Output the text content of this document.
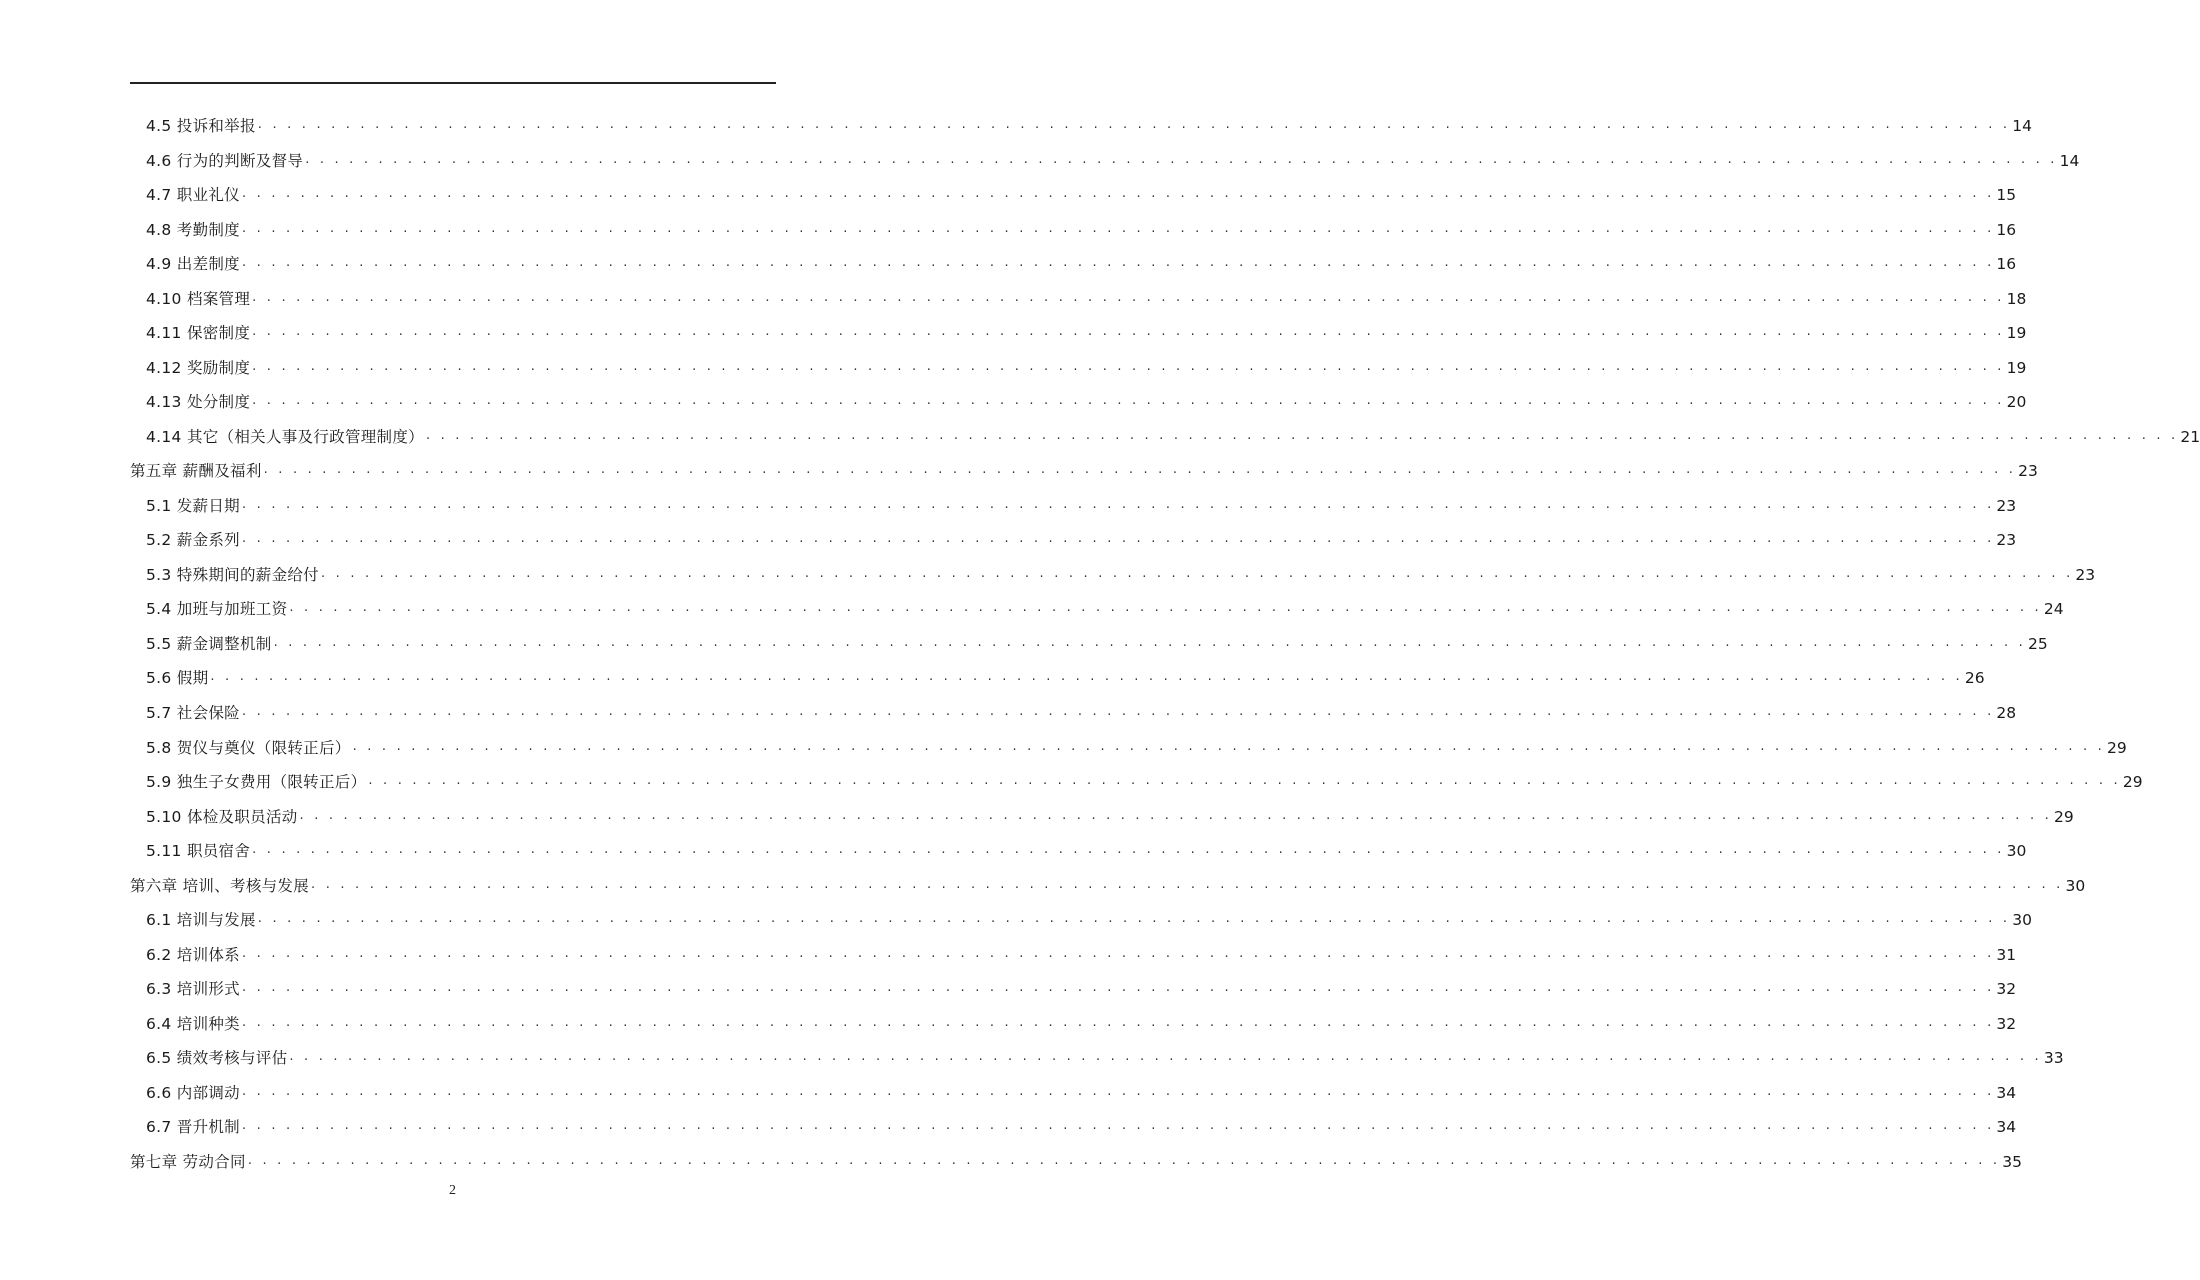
4.5 投诉和举报 . . . . . . . . . . . . . . . . . . . . . . . . . . . . . . . . . . . . . . . . . . . . . . . . . . . . . . . . . . . . . . . . . . . . . . . . . . . . . . . . . . . . . . . . . . . . . . . . . . . . . . . . . . . . . . . . . . . . . . . . 14
4.6 行为的判断及督导 . . . . . . . . . . . . . . . . . . . . . . . . . . . . . . . . . . . . . . . . . . . . . . . . . . . . . . . . . . . . . . . . . . . . . . . . . . . . . . . . . . . . . . . . . . . . . . . . . . . . . . . . . . . . . . . . . . . . . . . . 14
4.7 职业礼仪 . . . . . . . . . . . . . . . . . . . . . . . . . . . . . . . . . . . . . . . . . . . . . . . . . . . . . . . . . . . . . . . . . . . . . . . . . . . . . . . . . . . . . . . . . . . . . . . . . . . . . . . . . . . . . . . . . . . . . . . . 15
4.8 考勤制度 . . . . . . . . . . . . . . . . . . . . . . . . . . . . . . . . . . . . . . . . . . . . . . . . . . . . . . . . . . . . . . . . . . . . . . . . . . . . . . . . . . . . . . . . . . . . . . . . . . . . . . . . . . . . . . . . . . . . . . . . 16
4.9 出差制度 . . . . . . . . . . . . . . . . . . . . . . . . . . . . . . . . . . . . . . . . . . . . . . . . . . . . . . . . . . . . . . . . . . . . . . . . . . . . . . . . . . . . . . . . . . . . . . . . . . . . . . . . . . . . . . . . . . . . . . . . 16
4.10 档案管理 . . . . . . . . . . . . . . . . . . . . . . . . . . . . . . . . . . . . . . . . . . . . . . . . . . . . . . . . . . . . . . . . . . . . . . . . . . . . . . . . . . . . . . . . . . . . . . . . . . . . . . . . . . . . . . . . . . . . . . . . 18
4.11 保密制度 . . . . . . . . . . . . . . . . . . . . . . . . . . . . . . . . . . . . . . . . . . . . . . . . . . . . . . . . . . . . . . . . . . . . . . . . . . . . . . . . . . . . . . . . . . . . . . . . . . . . . . . . . . . . . . . . . . . . . . . . 19
4.12 奖励制度 . . . . . . . . . . . . . . . . . . . . . . . . . . . . . . . . . . . . . . . . . . . . . . . . . . . . . . . . . . . . . . . . . . . . . . . . . . . . . . . . . . . . . . . . . . . . . . . . . . . . . . . . . . . . . . . . . . . . . . . . 19
4.13 处分制度 . . . . . . . . . . . . . . . . . . . . . . . . . . . . . . . . . . . . . . . . . . . . . . . . . . . . . . . . . . . . . . . . . . . . . . . . . . . . . . . . . . . . . . . . . . . . . . . . . . . . . . . . . . . . . . . . . . . . . . . . 20
4.14 其它（相关人事及行政管理制度） . . . . . . . . . . . . . . . . . . . . . . . . . . . . . . . . . . . . . . . . . . . . . . . . . . . . . . . . . . . . . . . . . . . . . . . . . . . . . . . . . . . . . . . . . . . . . . . . . . . . . . . . . . . . . . . . . . . . . . . . 21
第五章 薪酬及福利 . . . . . . . . . . . . . . . . . . . . . . . . . . . . . . . . . . . . . . . . . . . . . . . . . . . . . . . . . . . . . . . . . . . . . . . . . . . . . . . . . . . . . . . . . . . . . . . . . . . . . . . . . . . . . . . . . . . . . . . . 23
5.1 发薪日期 . . . . . . . . . . . . . . . . . . . . . . . . . . . . . . . . . . . . . . . . . . . . . . . . . . . . . . . . . . . . . . . . . . . . . . . . . . . . . . . . . . . . . . . . . . . . . . . . . . . . . . . . . . . . . . . . . . . . . . . . 23
5.2 薪金系列 . . . . . . . . . . . . . . . . . . . . . . . . . . . . . . . . . . . . . . . . . . . . . . . . . . . . . . . . . . . . . . . . . . . . . . . . . . . . . . . . . . . . . . . . . . . . . . . . . . . . . . . . . . . . . . . . . . . . . . . . 23
5.3 特殊期间的薪金给付 . . . . . . . . . . . . . . . . . . . . . . . . . . . . . . . . . . . . . . . . . . . . . . . . . . . . . . . . . . . . . . . . . . . . . . . . . . . . . . . . . . . . . . . . . . . . . . . . . . . . . . . . . . . . . . . . . . . . . . . . 23
5.4 加班与加班工资 . . . . . . . . . . . . . . . . . . . . . . . . . . . . . . . . . . . . . . . . . . . . . . . . . . . . . . . . . . . . . . . . . . . . . . . . . . . . . . . . . . . . . . . . . . . . . . . . . . . . . . . . . . . . . . . . . . . . . . . . 24
5.5 薪金调整机制 . . . . . . . . . . . . . . . . . . . . . . . . . . . . . . . . . . . . . . . . . . . . . . . . . . . . . . . . . . . . . . . . . . . . . . . . . . . . . . . . . . . . . . . . . . . . . . . . . . . . . . . . . . . . . . . . . . . . . . . . 25
5.6 假期 . . . . . . . . . . . . . . . . . . . . . . . . . . . . . . . . . . . . . . . . . . . . . . . . . . . . . . . . . . . . . . . . . . . . . . . . . . . . . . . . . . . . . . . . . . . . . . . . . . . . . . . . . . . . . . . . . . . . . . . . 26
5.7 社会保险 . . . . . . . . . . . . . . . . . . . . . . . . . . . . . . . . . . . . . . . . . . . . . . . . . . . . . . . . . . . . . . . . . . . . . . . . . . . . . . . . . . . . . . . . . . . . . . . . . . . . . . . . . . . . . . . . . . . . . . . . 28
5.8 贺仪与奠仪（限转正后） . . . . . . . . . . . . . . . . . . . . . . . . . . . . . . . . . . . . . . . . . . . . . . . . . . . . . . . . . . . . . . . . . . . . . . . . . . . . . . . . . . . . . . . . . . . . . . . . . . . . . . . . . . . . . . . . . . . . . . . . 29
5.9 独生子女费用（限转正后） . . . . . . . . . . . . . . . . . . . . . . . . . . . . . . . . . . . . . . . . . . . . . . . . . . . . . . . . . . . . . . . . . . . . . . . . . . . . . . . . . . . . . . . . . . . . . . . . . . . . . . . . . . . . . . . . . . . . . . . . 29
5.10 体检及职员活动 . . . . . . . . . . . . . . . . . . . . . . . . . . . . . . . . . . . . . . . . . . . . . . . . . . . . . . . . . . . . . . . . . . . . . . . . . . . . . . . . . . . . . . . . . . . . . . . . . . . . . . . . . . . . . . . . . . . . . . . . 29
5.11 职员宿舍 . . . . . . . . . . . . . . . . . . . . . . . . . . . . . . . . . . . . . . . . . . . . . . . . . . . . . . . . . . . . . . . . . . . . . . . . . . . . . . . . . . . . . . . . . . . . . . . . . . . . . . . . . . . . . . . . . . . . . . . . 30
第六章 培训、考核与发展 . . . . . . . . . . . . . . . . . . . . . . . . . . . . . . . . . . . . . . . . . . . . . . . . . . . . . . . . . . . . . . . . . . . . . . . . . . . . . . . . . . . . . . . . . . . . . . . . . . . . . . . . . . . . . . . . . . . . . . . . 30
6.1 培训与发展 . . . . . . . . . . . . . . . . . . . . . . . . . . . . . . . . . . . . . . . . . . . . . . . . . . . . . . . . . . . . . . . . . . . . . . . . . . . . . . . . . . . . . . . . . . . . . . . . . . . . . . . . . . . . . . . . . . . . . . . . 30
6.2 培训体系 . . . . . . . . . . . . . . . . . . . . . . . . . . . . . . . . . . . . . . . . . . . . . . . . . . . . . . . . . . . . . . . . . . . . . . . . . . . . . . . . . . . . . . . . . . . . . . . . . . . . . . . . . . . . . . . . . . . . . . . . 31
6.3 培训形式 . . . . . . . . . . . . . . . . . . . . . . . . . . . . . . . . . . . . . . . . . . . . . . . . . . . . . . . . . . . . . . . . . . . . . . . . . . . . . . . . . . . . . . . . . . . . . . . . . . . . . . . . . . . . . . . . . . . . . . . . 32
6.4 培训种类 . . . . . . . . . . . . . . . . . . . . . . . . . . . . . . . . . . . . . . . . . . . . . . . . . . . . . . . . . . . . . . . . . . . . . . . . . . . . . . . . . . . . . . . . . . . . . . . . . . . . . . . . . . . . . . . . . . . . . . . . 32
6.5 绩效考核与评估 . . . . . . . . . . . . . . . . . . . . . . . . . . . . . . . . . . . . . . . . . . . . . . . . . . . . . . . . . . . . . . . . . . . . . . . . . . . . . . . . . . . . . . . . . . . . . . . . . . . . . . . . . . . . . . . . . . . . . . . . 33
6.6 内部调动 . . . . . . . . . . . . . . . . . . . . . . . . . . . . . . . . . . . . . . . . . . . . . . . . . . . . . . . . . . . . . . . . . . . . . . . . . . . . . . . . . . . . . . . . . . . . . . . . . . . . . . . . . . . . . . . . . . . . . . . . 34
6.7 晋升机制 . . . . . . . . . . . . . . . . . . . . . . . . . . . . . . . . . . . . . . . . . . . . . . . . . . . . . . . . . . . . . . . . . . . . . . . . . . . . . . . . . . . . . . . . . . . . . . . . . . . . . . . . . . . . . . . . . . . . . . . . 34
第七章 劳动合同 . . . . . . . . . . . . . . . . . . . . . . . . . . . . . . . . . . . . . . . . . . . . . . . . . . . . . . . . . . . . . . . . . . . . . . . . . . . . . . . . . . . . . . . . . . . . . . . . . . . . . . . . . . . . . . . . . . . . . . . . 35
2
